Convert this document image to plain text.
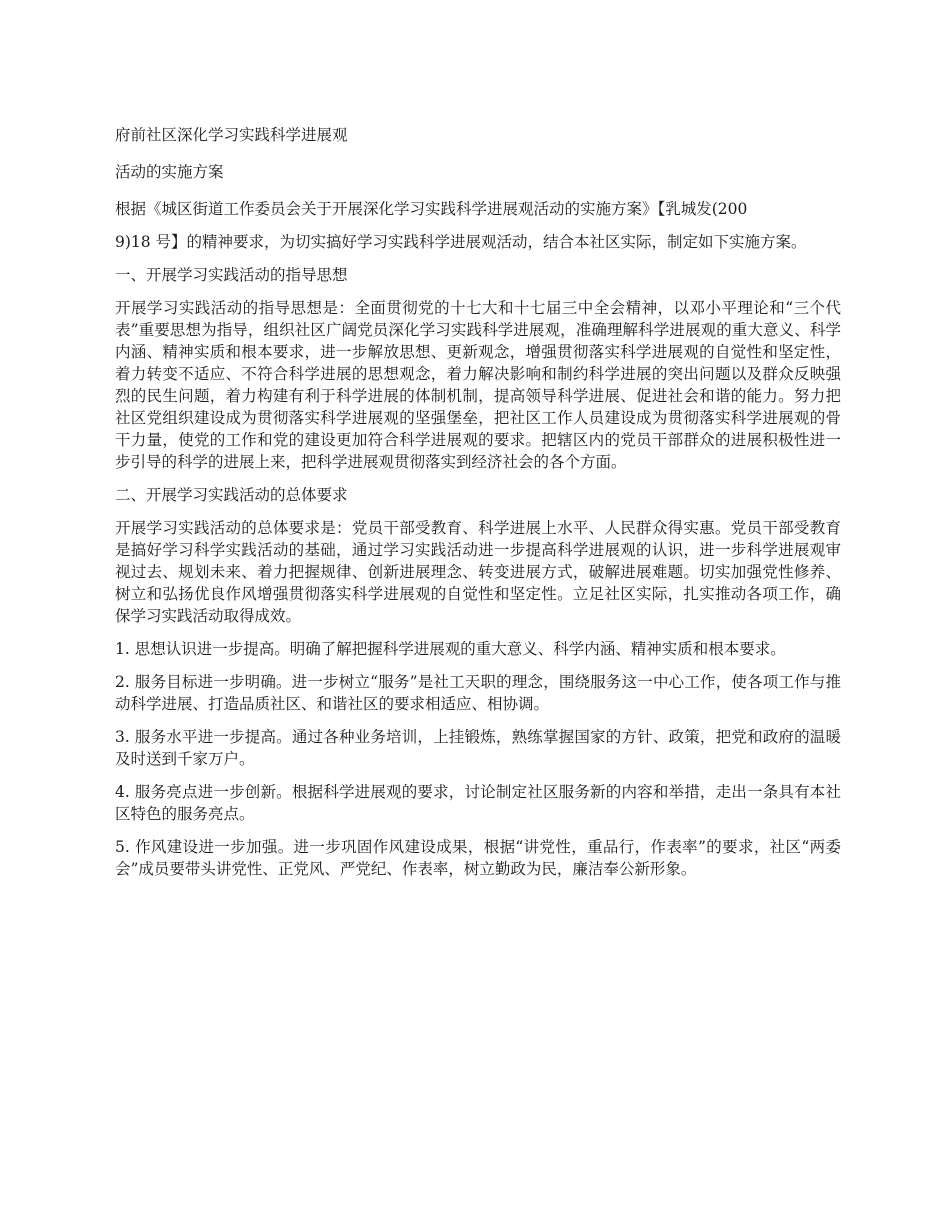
府前社区深化学习实践科学进展观

活动的实施方案

根据《城区街道工作委员会关于开展深化学习实践科学进展观活动的实施方案》【乳城发(200

9)18 号】的精神要求，为切实搞好学习实践科学进展观活动，结合本社区实际，制定如下实施方案。

一、开展学习实践活动的指导思想

开展学习实践活动的指导思想是：全面贯彻党的十七大和十七届三中全会精神，以邓小平理论和“三个代表”重要思想为指导，组织社区广阔党员深化学习实践科学进展观，准确理解科学进展观的重大意义、科学内涵、精神实质和根本要求，进一步解放思想、更新观念，增强贯彻落实科学进展观的自觉性和坚定性，着力转变不适应、不符合科学进展的思想观念，着力解决影响和制约科学进展的突出问题以及群众反映强烈的民生问题，着力构建有利于科学进展的体制机制，提高领导科学进展、促进社会和谐的能力。努力把社区党组织建设成为贯彻落实科学进展观的坚强堡垒，把社区工作人员建设成为贯彻落实科学进展观的骨干力量，使党的工作和党的建设更加符合科学进展观的要求。把辖区内的党员干部群众的进展积极性进一步引导的科学的进展上来，把科学进展观贯彻落实到经济社会的各个方面。

二、开展学习实践活动的总体要求

开展学习实践活动的总体要求是：党员干部受教育、科学进展上水平、人民群众得实惠。党员干部受教育是搞好学习科学实践活动的基础，通过学习实践活动进一步提高科学进展观的认识，进一步科学进展观审视过去、规划未来、着力把握规律、创新进展理念、转变进展方式，破解进展难题。切实加强党性修养、树立和弘扬优良作风增强贯彻落实科学进展观的自觉性和坚定性。立足社区实际，扎实推动各项工作，确保学习实践活动取得成效。

1. 思想认识进一步提高。明确了解把握科学进展观的重大意义、科学内涵、精神实质和根本要求。

2. 服务目标进一步明确。进一步树立“服务”是社工天职的理念，围绕服务这一中心工作，使各项工作与推动科学进展、打造品质社区、和谐社区的要求相适应、相协调。

3. 服务水平进一步提高。通过各种业务培训，上挂锻炼，熟练掌握国家的方针、政策，把党和政府的温暖及时送到千家万户。

4. 服务亮点进一步创新。根据科学进展观的要求，讨论制定社区服务新的内容和举措，走出一条具有本社区特色的服务亮点。

5. 作风建设进一步加强。进一步巩固作风建设成果，根据“讲党性，重品行，作表率”的要求，社区“两委会”成员要带头讲党性、正党风、严党纪、作表率，树立勤政为民，廉洁奉公新形象。
